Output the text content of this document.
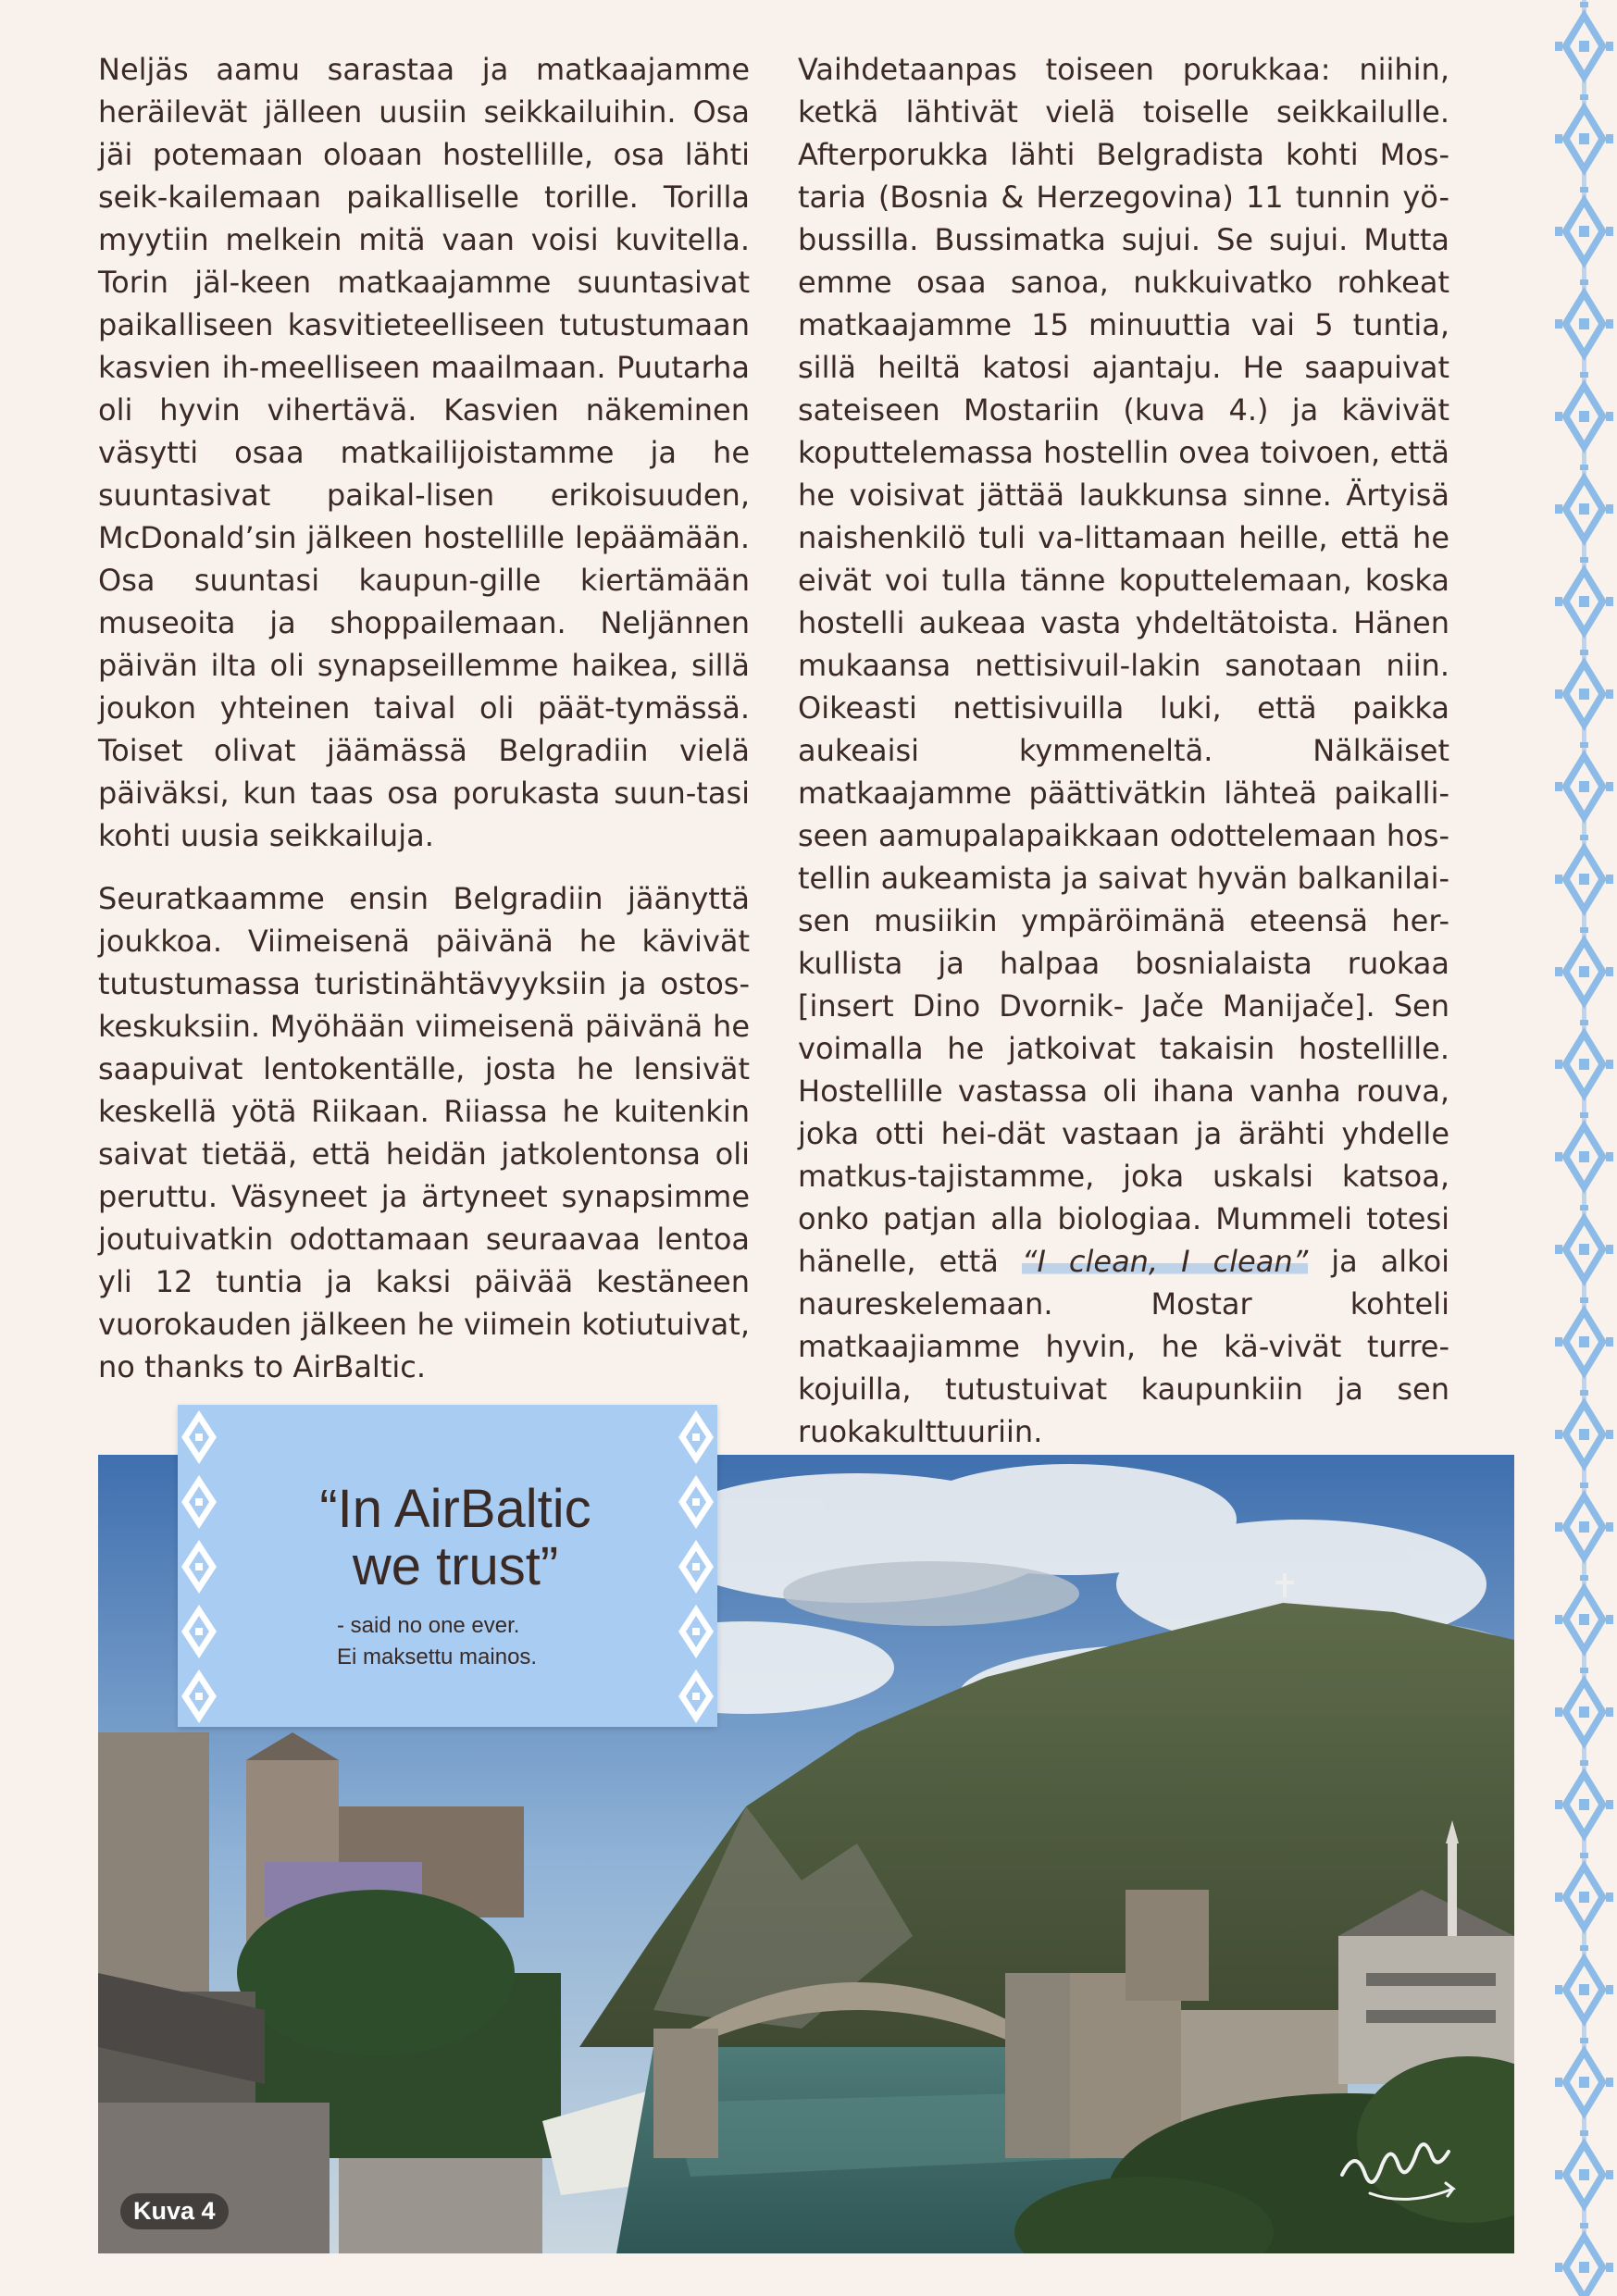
Neljäs aamu sarastaa ja matkaajamme heräilevät jälleen uusiin seikkailuihin. Osa jäi potemaan oloaan hostellille, osa lähti seik-kailemaan paikalliselle torille. Torilla myytiin melkein mitä vaan voisi kuvitella. Torin jäl-keen matkaajamme suuntasivat paikalliseen kasvitieteelliseen tutustumaan kasvien ih-meelliseen maailmaan. Puutarha oli hyvin vihertävä. Kasvien näkeminen väsytti osaa matkailijoistamme ja he suuntasivat paikal-lisen erikoisuuden, McDonald’sin jälkeen hostellille lepäämään. Osa suuntasi kaupun-gille kiertämään museoita ja shoppailemaan. Neljännen päivän ilta oli synapseillemme haikea, sillä joukon yhteinen taival oli päät-tymässä. Toiset olivat jäämässä Belgradiin vielä päiväksi, kun taas osa porukasta suun-tasi kohti uusia seikkailuja.

Seuratkaamme ensin Belgradiin jäänyttä joukkoa. Viimeisenä päivänä he kävivät tutustumassa turistinähtävyyksiin ja ostos-keskuksiin. Myöhään viimeisenä päivänä he saapuivat lentokentälle, josta he lensivät keskellä yötä Riikaan. Riiassa he kuitenkin saivat tietää, että heidän jatkolentonsa oli peruttu. Väsyneet ja ärtyneet synapsimme joutuivatkin odottamaan seuraavaa lentoa yli 12 tuntia ja kaksi päivää kestäneen vuorokauden jälkeen he viimein kotiutuivat, no thanks to AirBaltic.

Vaihdetaanpas toiseen porukkaa: niihin, ketkä lähtivät vielä toiselle seikkailulle. Afterporukka lähti Belgradista kohti Mos-taria (Bosnia & Herzegovina) 11 tunnin yö-bussilla. Bussimatka sujui. Se sujui. Mutta emme osaa sanoa, nukkuivatko rohkeat matkaajamme 15 minuuttia vai 5 tuntia, sillä heiltä katosi ajantaju. He saapuivat sateiseen Mostariin (kuva 4.) ja kävivät koputtelemassa hostellin ovea toivoen, että he voisivat jättää laukkunsa sinne. Ärtyisä naishenkilö tuli va-littamaan heille, että he eivät voi tulla tänne koputtelemaan, koska hostelli aukeaa vasta yhdeltätoista. Hänen mukaansa nettisivuil-lakin sanotaan niin. Oikeasti nettisivuilla luki, että paikka aukeaisi kymmeneltä. Nälkäiset matkaajamme päättivätkin lähteä paikalli-seen aamupalapaikkaan odottelemaan hos-tellin aukeamista ja saivat hyvän balkanilai-sen musiikin ympäröimänä eteensä her-kullista ja halpaa bosnialaista ruokaa [insert Dino Dvornik- Jače Manijače]. Sen voimalla he jatkoivat takaisin hostellille. Hostellille vastassa oli ihana vanha rouva, joka otti hei-dät vastaan ja ärähti yhdelle matkus-tajistamme, joka uskalsi katsoa, onko patjan alla biologiaa. Mummeli totesi hänelle, että “I clean, I clean” ja alkoi naureskelemaan. Mostar kohteli matkaajiamme hyvin, he kä-vivät turre-kojuilla, tutustuivat kaupunkiin ja sen ruokakulttuuriin.

“In AirBaltic
we trust”
- said no one ever.
Ei maksettu mainos.
Kuva 4
